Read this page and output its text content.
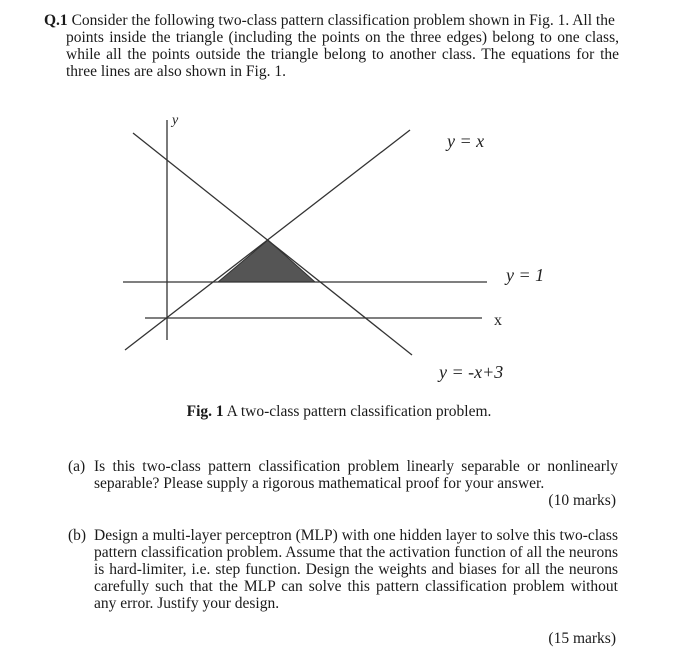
Q.1 Consider the following two-class pattern classification problem shown in Fig. 1. All the
points inside the triangle (including the points on the three edges) belong to one class, while all the points outside the triangle belong to another class. The equations for the three lines are also shown in Fig. 1.
y
x
y = x
y = 1
y = -x+3
Fig. 1 A two-class pattern classification problem.
(a) Is this two-class pattern classification problem linearly separable or nonlinearly separable? Please supply a rigorous mathematical proof for your answer.
(10 marks)
(b) Design a multi-layer perceptron (MLP) with one hidden layer to solve this two-class pattern classification problem. Assume that the activation function of all the neurons is hard-limiter, i.e. step function. Design the weights and biases for all the neurons carefully such that the MLP can solve this pattern classification problem without any error. Justify your design.
(15 marks)
